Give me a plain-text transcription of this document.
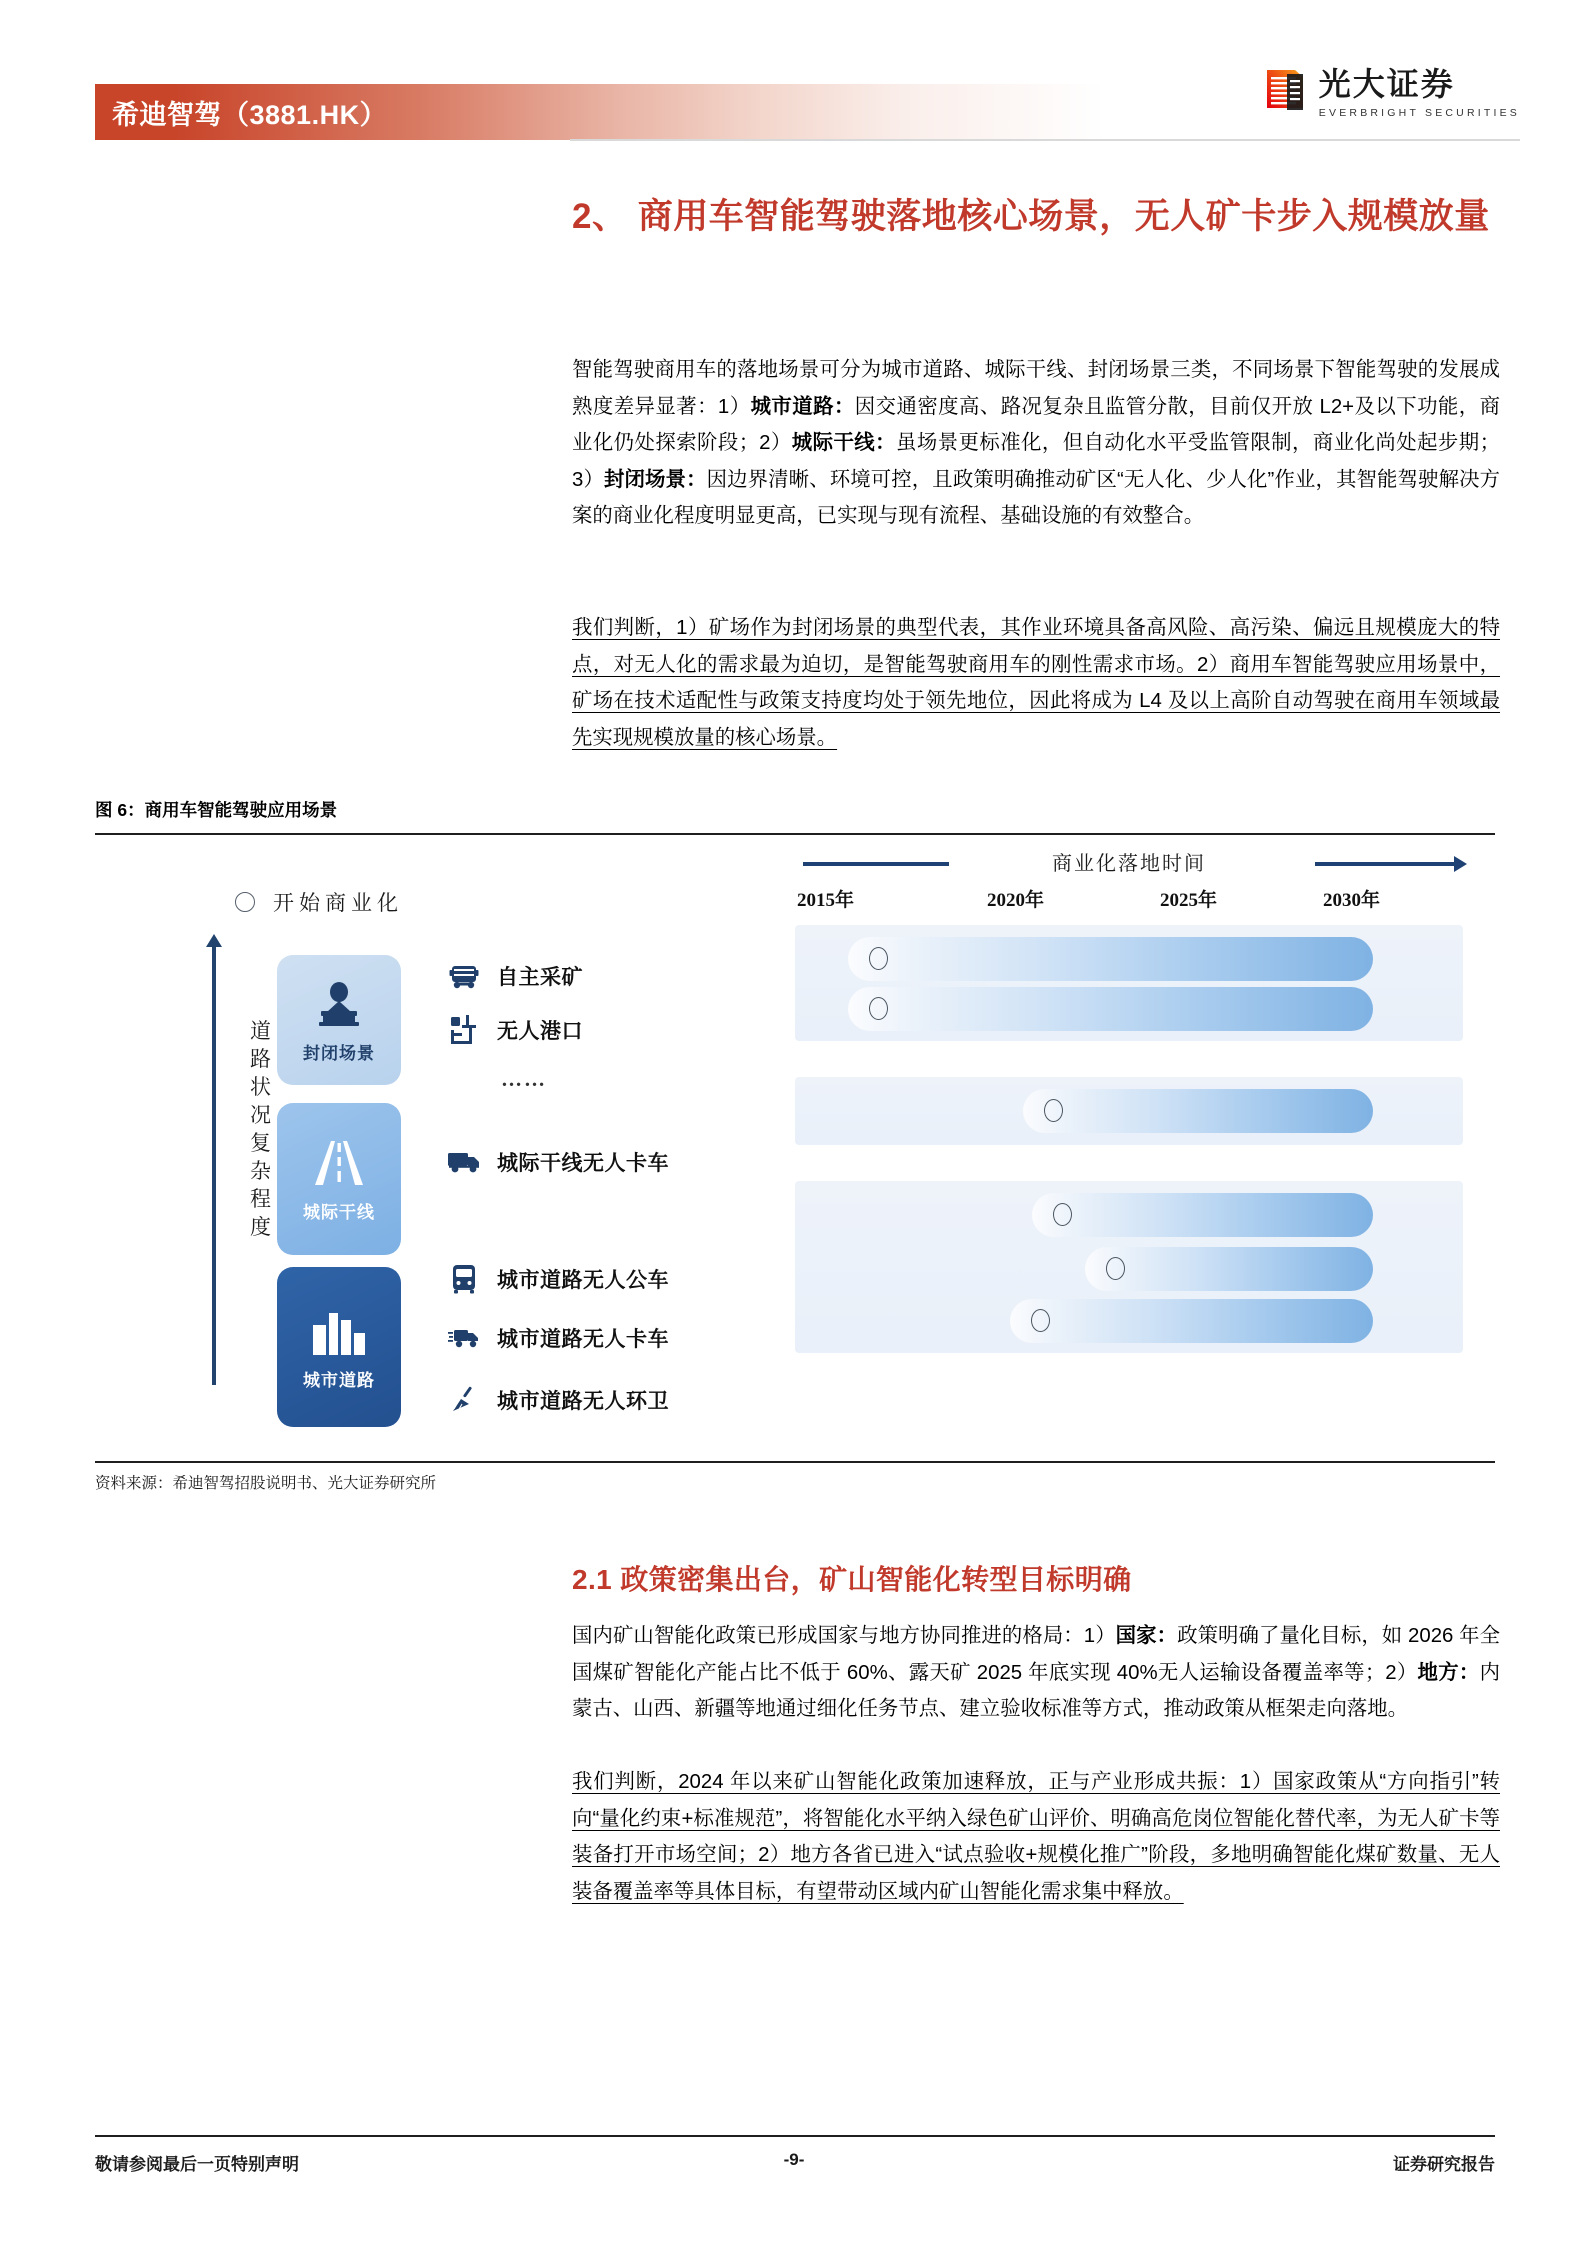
希迪智驾（3881.HK）
光大证券
EVERBRIGHT SECURITIES
2、 商用车智能驾驶落地核心场景，无人矿卡步入规模放量

智能驾驶商用车的落地场景可分为城市道路、城际干线、封闭场景三类，不同场景下智能驾驶的发展成熟度差异显著：1）城市道路：因交通密度高、路况复杂且监管分散，目前仅开放 L2+及以下功能，商业化仍处探索阶段；2）城际干线：虽场景更标准化，但自动化水平受监管限制，商业化尚处起步期；3）封闭场景：因边界清晰、环境可控，且政策明确推动矿区“无人化、少人化”作业，其智能驾驶解决方案的商业化程度明显更高，已实现与现有流程、基础设施的有效整合。

我们判断，1）矿场作为封闭场景的典型代表，其作业环境具备高风险、高污染、偏远且规模庞大的特点，对无人化的需求最为迫切，是智能驾驶商用车的刚性需求市场。2）商用车智能驾驶应用场景中，矿场在技术适配性与政策支持度均处于领先地位，因此将成为 L4 及以上高阶自动驾驶在商用车领域最先实现规模放量的核心场景。

图 6：商用车智能驾驶应用场景
开始商业化
道路状况复杂程度
封闭场景
城际干线
城市道路
自主采矿
无人港口
……
城际干线无人卡车
城市道路无人公车
城市道路无人卡车
城市道路无人环卫
商业化落地时间
2015年	2020年	2025年	2030年
资料来源：希迪智驾招股说明书、光大证券研究所
2.1 政策密集出台，矿山智能化转型目标明确

国内矿山智能化政策已形成国家与地方协同推进的格局：1）国家：政策明确了量化目标，如 2026 年全国煤矿智能化产能占比不低于 60%、露天矿 2025 年底实现 40%无人运输设备覆盖率等；2）地方：内蒙古、山西、新疆等地通过细化任务节点、建立验收标准等方式，推动政策从框架走向落地。

我们判断，2024 年以来矿山智能化政策加速释放，正与产业形成共振：1）国家政策从“方向指引”转向“量化约束+标准规范”，将智能化水平纳入绿色矿山评价、明确高危岗位智能化替代率，为无人矿卡等装备打开市场空间；2）地方各省已进入“试点验收+规模化推广”阶段，多地明确智能化煤矿数量、无人装备覆盖率等具体目标，有望带动区域内矿山智能化需求集中释放。

敬请参阅最后一页特别声明	-9-	证券研究报告
